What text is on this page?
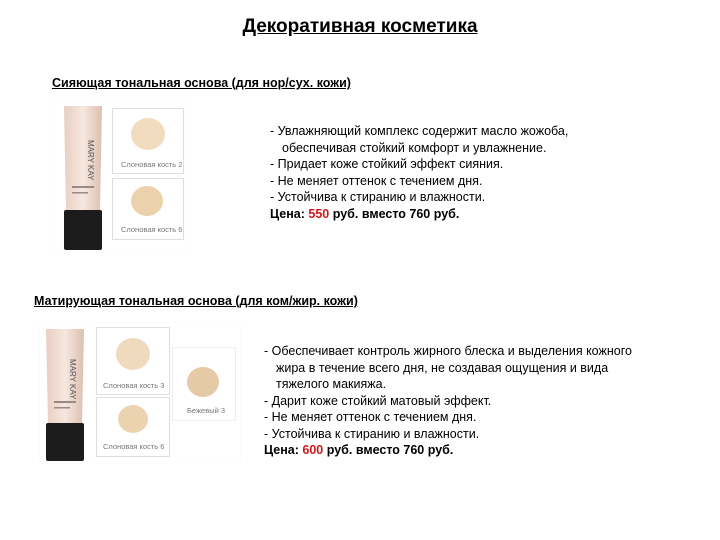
Декоративная косметика
Сияющая тональная основа (для нор/сух. кожи)
MARY KAY	Слоновая кость 2
Слоновая кость 6
- Увлажняющий комплекс содержит масло жожоба,
обеспечивая стойкий комфорт и увлажнение.
- Придает коже стойкий эффект сияния.
- Не меняет оттенок с течением дня.
- Устойчива к стиранию и влажности.
Цена: 550 руб. вместо 760 руб.
Матирующая тональная основа (для ком/жир. кожи)
MARY KAY	Слоновая кость 3
Бежевый 3
Слоновая кость 6
- Обеспечивает контроль жирного блеска и выделения кожного
жира в течение всего дня, не создавая ощущения и вида
тяжелого макияжа.
- Дарит коже стойкий матовый эффект.
- Не меняет оттенок с течением дня.
- Устойчива к стиранию и влажности.
Цена: 600 руб. вместо 760 руб.
